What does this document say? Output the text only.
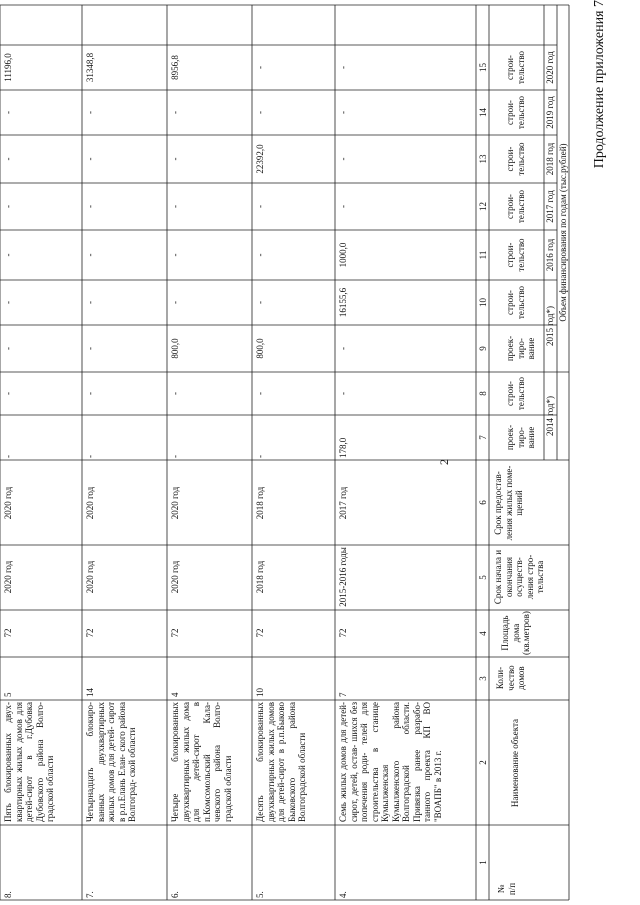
2
Продолжение приложения 7
№ п/п
Наименование объекта
Коли- чество домов
Площадь дома (кв.метров)
Срок начала и окончания осуществ- ления стро- тельства
Срок предостав- ления жилых поме- щений
Объем финансирования по годам (тыс.рублей)
2014 год*)
2015 год*)
2016 год
2017 год
2018 год
2019 год
2020 год
проек- тиро- вание
строи- тельство
проек- тиро- вание
строи- тельство
строи- тельство
строи- тельство
строи- тельство
строи- тельство
строи- тельство
1
2
3
4
5
6
7
8
9
10
11
12
13
14
15
4.
Семь жилых домов для детей-сирот, детей, остав- шихся без попечения роди- телей для строительства в станице Кумылженская Кумылженского района Волгоградской области. Привязка ранее разрабо- танного проекта КП ВО "ВОАПБ" в 2013 г.
7
72
2015-2016 годы
2017 год
178,0
-
-
16155,6
1000,0
-
-
-
-
5.
Десять блокированных двухквартирных жилых домов для детей-сирот в р.п.Быково Быковского района Волгоградской области
10
72
2018 год
2018 год
-
-
800,0
-
-
-
22392,0
-
-
6.
Четыре блокированных двухквартирных жилых дома для детей-сирот в п.Комсомольский Кала- чевского района Волго- градской области
4
72
2020 год
2020 год
-
-
800,0
-
-
-
-
-
8956,8
7.
Четырнадцать блокиро- ванных двухквартирных жилых домов для детей- сирот в р.п.Елань Елан- ского района Волгоград- ской области
14
72
2020 год
2020 год
-
-
-
-
-
-
-
-
31348,8
8.
Пять блокированных двух- квартирных жилых домов для детей-сирот в г.Дубовка Дубовского района Волго- градской области
5
72
2020 год
2020 год
-
-
-
-
-
-
-
-
11196,0
